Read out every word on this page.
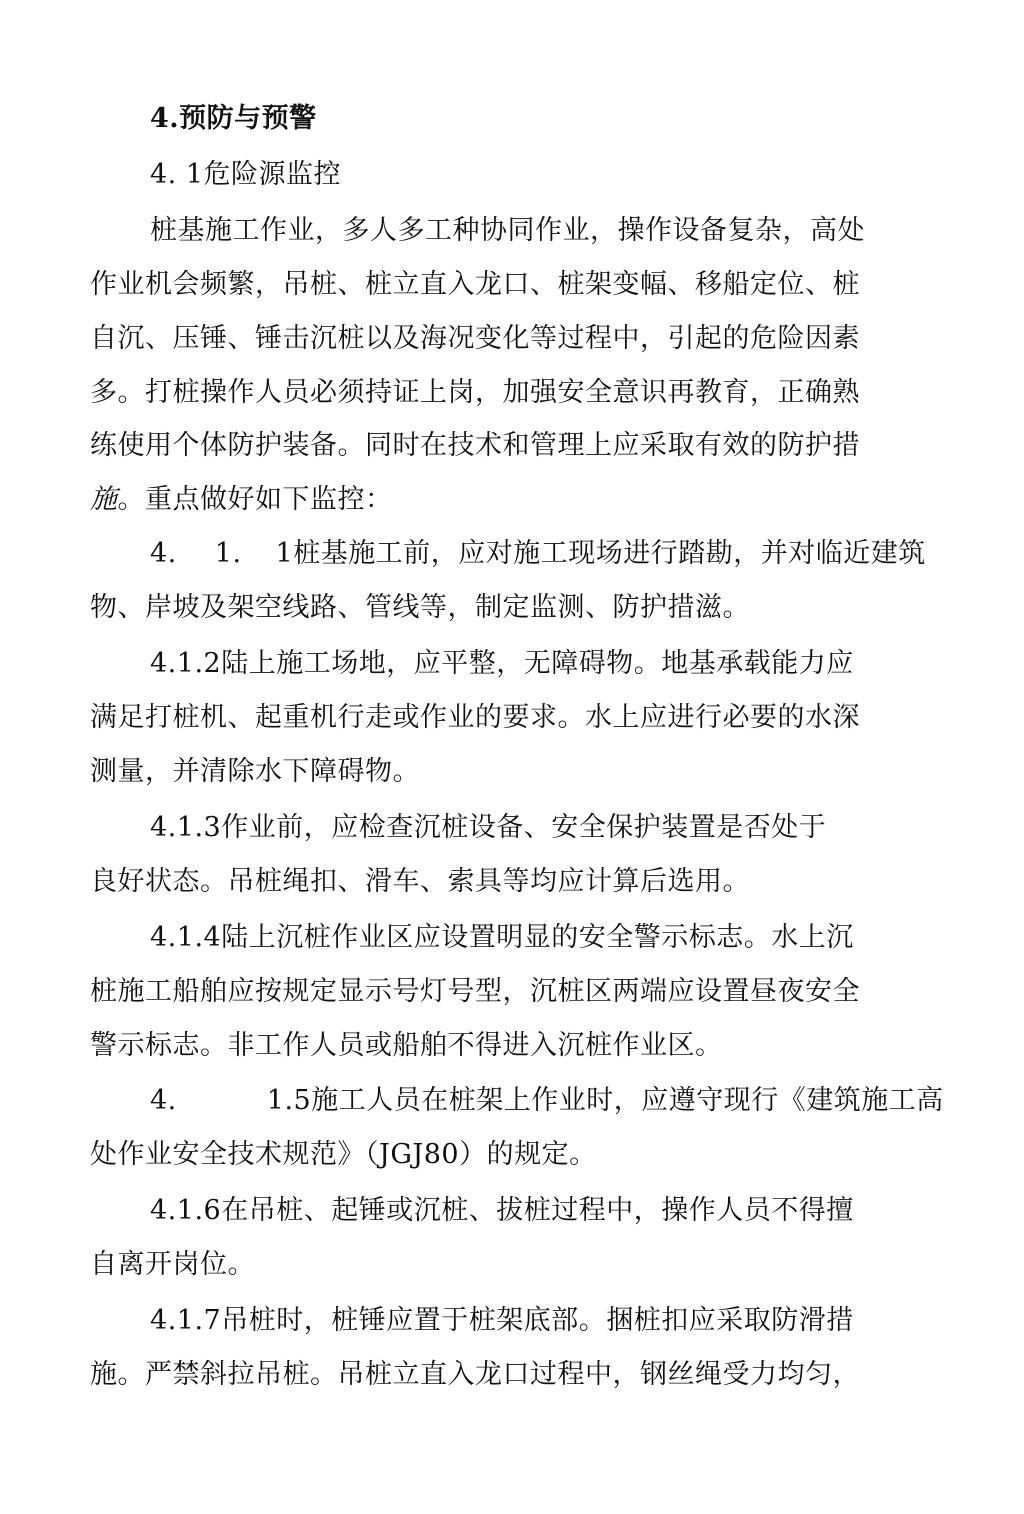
4.预防与预警

4. 1危险源监控

桩基施工作业，多人多工种协同作业，操作设备复杂，高处

作业机会频繁，吊桩、桩立直入龙口、桩架变幅、移船定位、桩

自沉、压锤、锤击沉桩以及海况变化等过程中，引起的危险因素

多。打桩操作人员必须持证上岗，加强安全意识再教育，正确熟

练使用个体防护装备。同时在技术和管理上应采取有效的防护措

施。重点做好如下监控：

4. 1. 1桩基施工前，应对施工现场进行踏勘，并对临近建筑

物、岸坡及架空线路、管线等，制定监测、防护措滋。

4.1.2陆上施工场地，应平整，无障碍物。地基承载能力应

满足打桩机、起重机行走或作业的要求。水上应进行必要的水深

测量，并清除水下障碍物。

4.1.3作业前，应检查沉桩设备、安全保护装置是否处于

良好状态。吊桩绳扣、滑车、索具等均应计算后选用。

4.1.4陆上沉桩作业区应设置明显的安全警示标志。水上沉

桩施工船舶应按规定显示号灯号型，沉桩区两端应设置昼夜安全

警示标志。非工作人员或船舶不得进入沉桩作业区。

4.	1.5施工人员在桩架上作业时，应遵守现行《建筑施工高

处作业安全技术规范》（JGJ80）的规定。

4.1.6在吊桩、起锤或沉桩、拔桩过程中，操作人员不得擅

自离开岗位。

4.1.7吊桩时，桩锤应置于桩架底部。捆桩扣应采取防滑措

施。严禁斜拉吊桩。吊桩立直入龙口过程中，钢丝绳受力均匀，
